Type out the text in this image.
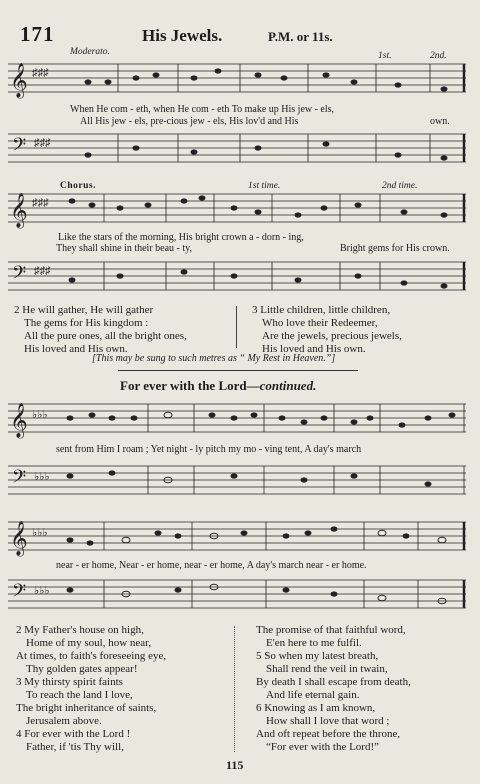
171	His Jewels.	P.M. or 11s.
Moderato.	1st.	2nd.
𝄞 ♯♯♯
When He com - eth, when He com - eth To make up His jew - els,
All His jew - els, pre-cious jew - els, His lov'd and His	own.
𝄢 ♯♯♯
Chorus.	1st time.	2nd time.
𝄞 ♯♯♯
Like the stars of the morning, His bright crown a - dorn - ing,
They shall shine in their beau - ty,	Bright gems for His crown.
𝄢 ♯♯♯
2 He will gather, He will gather
The gems for His kingdom :
All the pure ones, all the bright ones,
His loved and His own.
3 Little children, little children,
Who love their Redeemer,
Are the jewels, precious jewels,
His loved and His own.
[This may be sung to such metres as “ My Rest in Heaven.”]
For ever with the Lord—continued.
𝄞 ♭♭♭
sent from Him I roam ; Yet night - ly pitch my mo - ving tent, A day's march
𝄢 ♭♭♭
𝄞 ♭♭♭
near - er home, Near - er home, near - er home, A day's march near - er home.
𝄢 ♭♭♭
2 My Father's house on high,
Home of my soul, how near,
At times, to faith's foreseeing eye,
Thy golden gates appear!
3 My thirsty spirit faints
To reach the land I love,
The bright inheritance of saints,
Jerusalem above.
4 For ever with the Lord !
Father, if 'tis Thy will,
The promise of that faithful word,
E'en here to me fulfil.
5 So when my latest breath,
Shall rend the veil in twain,
By death I shall escape from death,
And life eternal gain.
6 Knowing as I am known,
How shall I love that word ;
And oft repeat before the throne,
“For ever with the Lord!”
115
